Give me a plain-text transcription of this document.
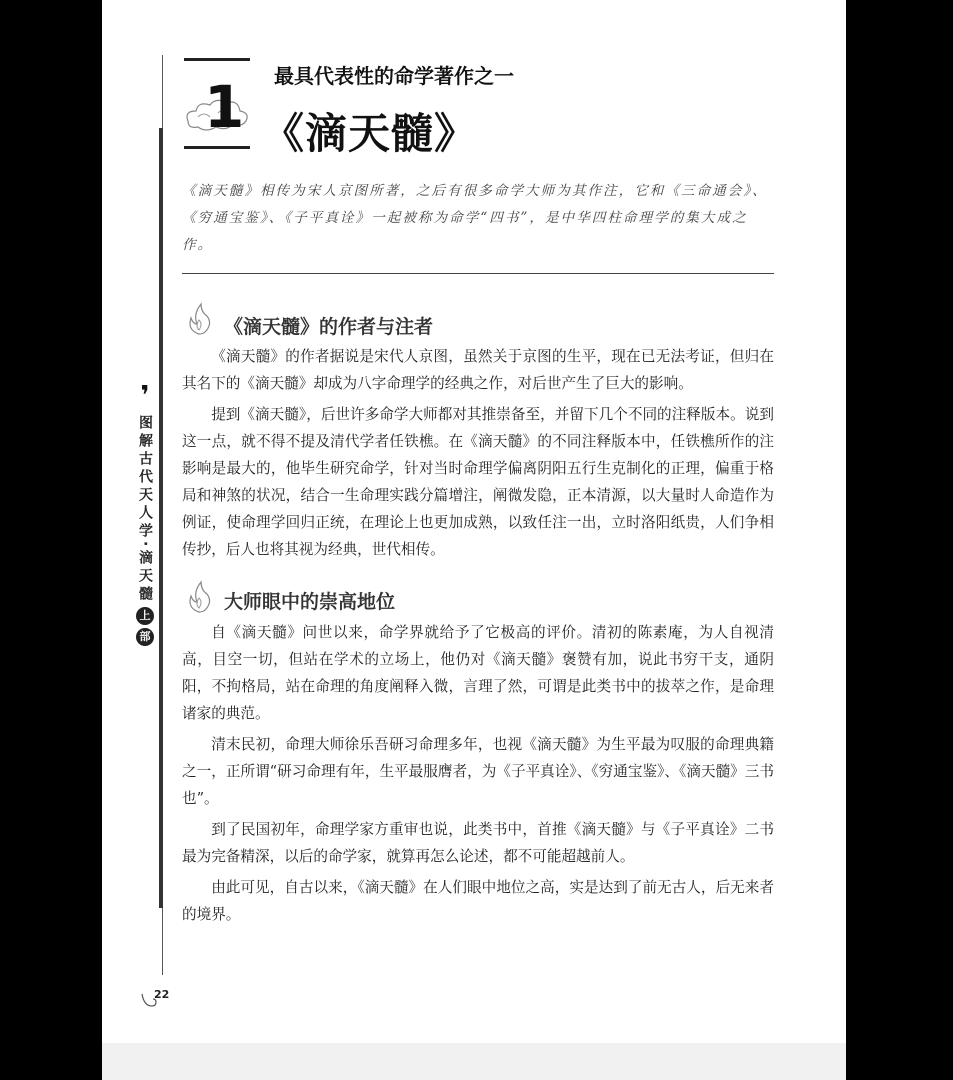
1 最具代表性的命学著作之一
《滴天髓》
《滴天髓》相传为宋人京图所著，之后有很多命学大师为其作注，它和《三命通会》、《穷通宝鉴》、《子平真诠》一起被称为命学“四书”，是中华四柱命理学的集大成之作。
《滴天髓》的作者与注者

《滴天髓》的作者据说是宋代人京图，虽然关于京图的生平，现在已无法考证，但归在其名下的《滴天髓》却成为八字命理学的经典之作，对后世产生了巨大的影响。

提到《滴天髓》，后世许多命学大师都对其推崇备至，并留下几个不同的注释版本。说到这一点，就不得不提及清代学者任铁樵。在《滴天髓》的不同注释版本中，任铁樵所作的注影响是最大的，他毕生研究命学，针对当时命理学偏离阴阳五行生克制化的正理，偏重于格局和神煞的状况，结合一生命理实践分篇增注，阐微发隐，正本清源，以大量时人命造作为例证，使命理学回归正统，在理论上也更加成熟，以致任注一出，立时洛阳纸贵，人们争相传抄，后人也将其视为经典，世代相传。

大师眼中的崇高地位

自《滴天髓》问世以来，命学界就给予了它极高的评价。清初的陈素庵，为人自视清高，目空一切，但站在学术的立场上，他仍对《滴天髓》褒赞有加，说此书穷干支，通阴阳，不拘格局，站在命理的角度阐释入微，言理了然，可谓是此类书中的拔萃之作，是命理诸家的典范。

清末民初，命理大师徐乐吾研习命理多年，也视《滴天髓》为生平最为叹服的命理典籍之一，正所谓“研习命理有年，生平最服膺者，为《子平真诠》、《穷通宝鉴》、《滴天髓》三书也”。

到了民国初年，命理学家方重审也说，此类书中，首推《滴天髓》与《子平真诠》二书最为完备精深，以后的命学家，就算再怎么论述，都不可能超越前人。

由此可见，自古以来，《滴天髓》在人们眼中地位之高，实是达到了前无古人，后无来者的境界。

❜
图解古代天人学·滴天髓
上
部
22
